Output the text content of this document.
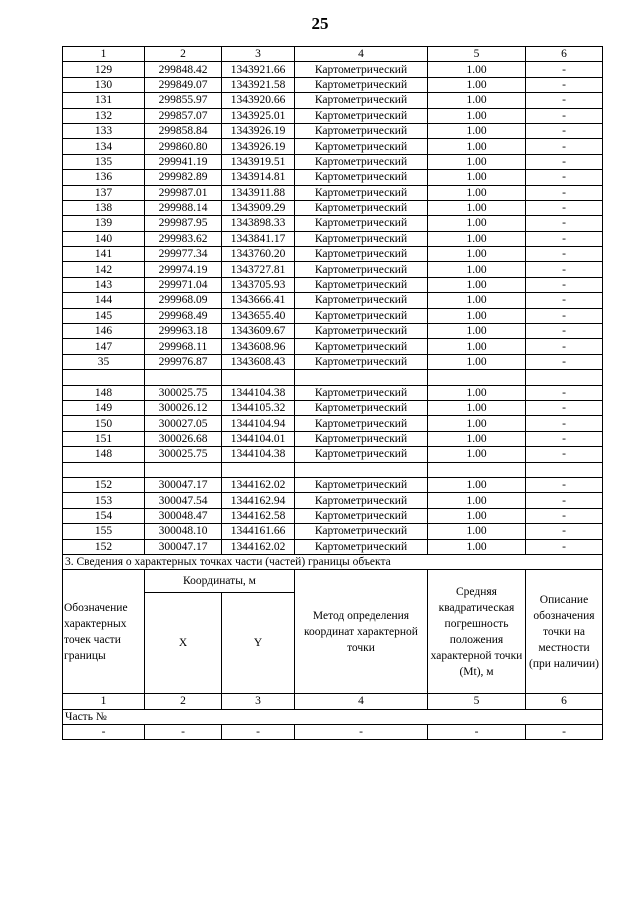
25
1	2	3	4	5	6
129	299848.42	1343921.66	Картометрический	1.00	-
130	299849.07	1343921.58	Картометрический	1.00	-
131	299855.97	1343920.66	Картометрический	1.00	-
132	299857.07	1343925.01	Картометрический	1.00	-
133	299858.84	1343926.19	Картометрический	1.00	-
134	299860.80	1343926.19	Картометрический	1.00	-
135	299941.19	1343919.51	Картометрический	1.00	-
136	299982.89	1343914.81	Картометрический	1.00	-
137	299987.01	1343911.88	Картометрический	1.00	-
138	299988.14	1343909.29	Картометрический	1.00	-
139	299987.95	1343898.33	Картометрический	1.00	-
140	299983.62	1343841.17	Картометрический	1.00	-
141	299977.34	1343760.20	Картометрический	1.00	-
142	299974.19	1343727.81	Картометрический	1.00	-
143	299971.04	1343705.93	Картометрический	1.00	-
144	299968.09	1343666.41	Картометрический	1.00	-
145	299968.49	1343655.40	Картометрический	1.00	-
146	299963.18	1343609.67	Картометрический	1.00	-
147	299968.11	1343608.96	Картометрический	1.00	-
35	299976.87	1343608.43	Картометрический	1.00	-

148	300025.75	1344104.38	Картометрический	1.00	-
149	300026.12	1344105.32	Картометрический	1.00	-
150	300027.05	1344104.94	Картометрический	1.00	-
151	300026.68	1344104.01	Картометрический	1.00	-
148	300025.75	1344104.38	Картометрический	1.00	-

152	300047.17	1344162.02	Картометрический	1.00	-
153	300047.54	1344162.94	Картометрический	1.00	-
154	300048.47	1344162.58	Картометрический	1.00	-
155	300048.10	1344161.66	Картометрический	1.00	-
152	300047.17	1344162.02	Картометрический	1.00	-
3. Сведения о характерных точках части (частей) границы объекта					
Обозначение характерных точек части границы	Координаты, м		Метод определения координат характерной точки	Средняя квадратическая погрешность положения характерной точки (Mt), м	Описание обозначения точки на местности (при наличии)
	X	Y			
1	2	3	4	5	6
Часть №					
-	-	-	-	-	-
